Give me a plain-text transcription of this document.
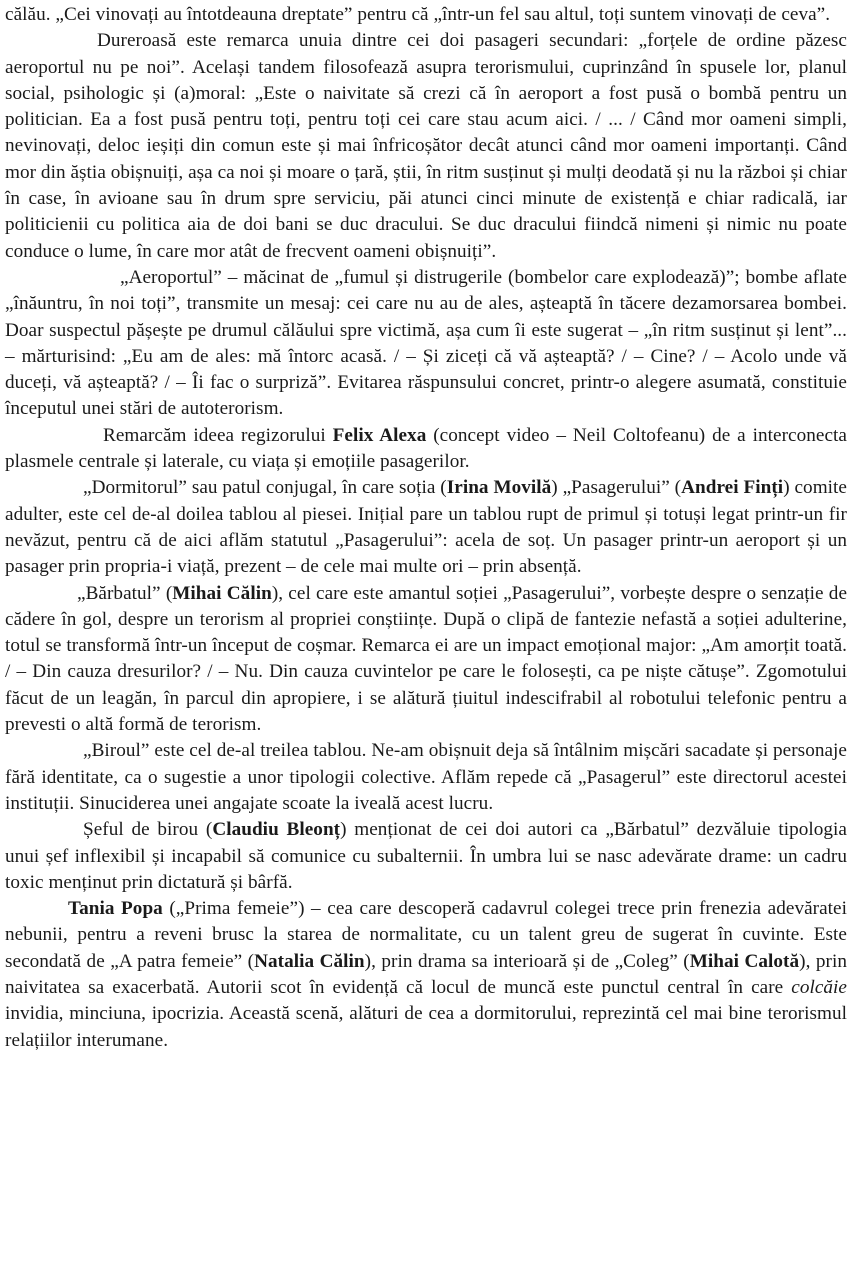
călău. „Cei vinovați au întotdeauna dreptate” pentru că „într-un fel sau altul, toți suntem vinovați de ceva”.

Dureroasă este remarca unuia dintre cei doi pasageri secundari: „forțele de ordine păzesc aeroportul nu pe noi”. Același tandem filosofează asupra terorismului, cuprinzând în spusele lor, planul social, psihologic și (a)moral: „Este o naivitate să crezi că în aeroport a fost pusă o bombă pentru un politician. Ea a fost pusă pentru toți, pentru toți cei care stau acum aici. / ... / Când mor oameni simpli, nevinovați, deloc ieșiți din comun este și mai înfricoșător decât atunci când mor oameni importanți. Când mor din ăștia obișnuiți, așa ca noi și moare o țară, știi, în ritm susținut și mulți deodată și nu la război și chiar în case, în avioane sau în drum spre serviciu, păi atunci cinci minute de existență e chiar radicală, iar politicienii cu politica aia de doi bani se duc dracului. Se duc dracului fiindcă nimeni și nimic nu poate conduce o lume, în care mor atât de frecvent oameni obișnuiți”.

„Aeroportul” – măcinat de „fumul și distrugerile (bombelor care explodează)”; bombe aflate „înăuntru, în noi toți”, transmite un mesaj: cei care nu au de ales, așteaptă în tăcere dezamorsarea bombei. Doar suspectul pășește pe drumul călăului spre victimă, așa cum îi este sugerat – „în ritm susținut și lent”... – mărturisind: „Eu am de ales: mă întorc acasă. / – Și ziceți că vă așteaptă? / – Cine? / – Acolo unde vă duceți, vă așteaptă? / – Îi fac o surpriză”. Evitarea răspunsului concret, printr-o alegere asumată, constituie începutul unei stări de autoterorism.

Remarcăm ideea regizorului Felix Alexa (concept video – Neil Coltofeanu) de a interconecta plasmele centrale și laterale, cu viața și emoțiile pasagerilor.

„Dormitorul” sau patul conjugal, în care soția (Irina Movilă) „Pasagerului” (Andrei Finți) comite adulter, este cel de-al doilea tablou al piesei. Inițial pare un tablou rupt de primul și totuși legat printr-un fir nevăzut, pentru că de aici aflăm statutul „Pasagerului”: acela de soț. Un pasager printr-un aeroport și un pasager prin propria-i viață, prezent – de cele mai multe ori – prin absență.

„Bărbatul” (Mihai Călin), cel care este amantul soției „Pasagerului”, vorbește despre o senzație de cădere în gol, despre un terorism al propriei conștiințe. După o clipă de fantezie nefastă a soției adulterine, totul se transformă într-un început de coșmar. Remarca ei are un impact emoțional major: „Am amorțit toată. / – Din cauza dresurilor? / – Nu. Din cauza cuvintelor pe care le folosești, ca pe niște cătușe”. Zgomotului făcut de un leagăn, în parcul din apropiere, i se alătură țiuitul indescifrabil al robotului telefonic pentru a prevesti o altă formă de terorism.

„Biroul” este cel de-al treilea tablou. Ne-am obișnuit deja să întâlnim mișcări sacadate și personaje fără identitate, ca o sugestie a unor tipologii colective. Aflăm repede că „Pasagerul” este directorul acestei instituții. Sinuciderea unei angajate scoate la iveală acest lucru.

Șeful de birou (Claudiu Bleonț) menționat de cei doi autori ca „Bărbatul” dezvăluie tipologia unui șef inflexibil și incapabil să comunice cu subalternii. În umbra lui se nasc adevărate drame: un cadru toxic menținut prin dictatură și bârfă.

Tania Popa („Prima femeie”) – cea care descoperă cadavrul colegei trece prin frenezia adevăratei nebunii, pentru a reveni brusc la starea de normalitate, cu un talent greu de sugerat în cuvinte. Este secondată de „A patra femeie” (Natalia Călin), prin drama sa interioară și de „Coleg” (Mihai Calotă), prin naivitatea sa exacerbată. Autorii scot în evidență că locul de muncă este punctul central în care colcăie invidia, minciuna, ipocrizia. Această scenă, alături de cea a dormitorului, reprezintă cel mai bine terorismul relațiilor interumane.
